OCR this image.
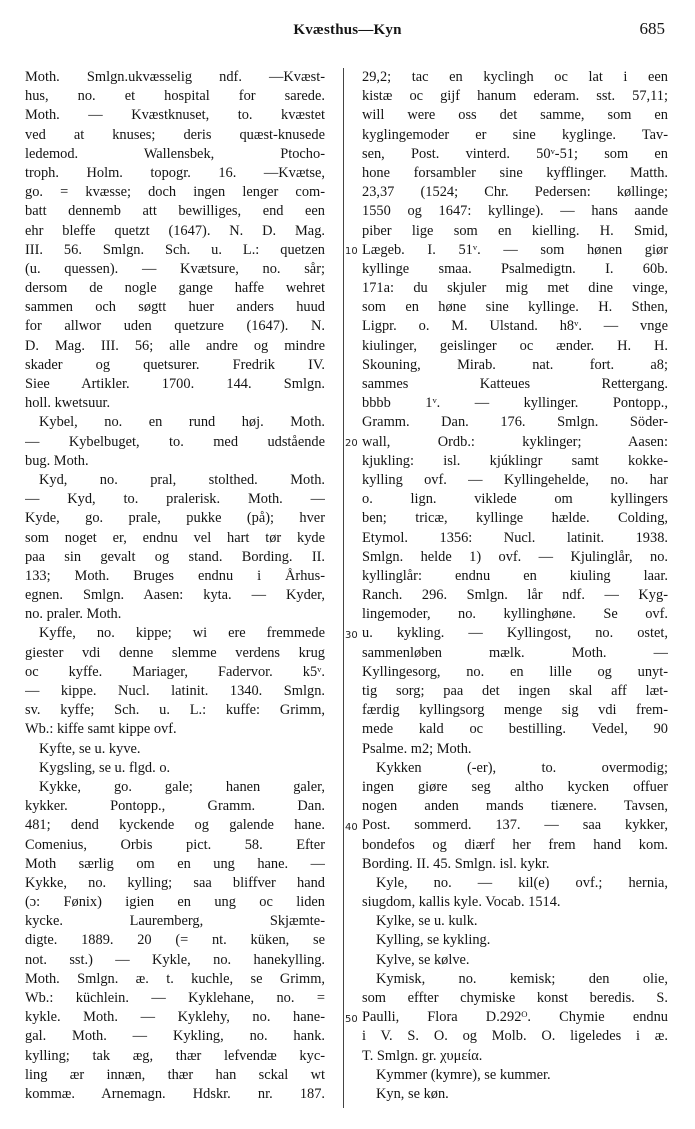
Kvæsthus—Kyn	685
Moth. Smlgn.ukvæsselig ndf. —Kvæst-
hus, no. et hospital for sarede.
Moth. — Kvæstknuset, to. kvæstet
ved at knuses; deris quæst-knusede
ledemod. Wallensbek, Ptocho-
troph. Holm. topogr. 16. —Kvætse,
go. = kvæsse; doch ingen lenger com-
batt dennemb att bewilliges, end een
ehr bleffe quetzt (1647). N. D. Mag.
III. 56. Smlgn. Sch. u. L.: quetzen
(u. quessen). — Kvætsure, no. sår;
dersom de nogle gange haffe wehret
sammen och søgtt huer anders huud
for allwor uden quetzure (1647). N.
D. Mag. III. 56; alle andre og mindre
skader og quetsurer. Fredrik IV.
Siee Artikler. 1700. 144. Smlgn.
holl. kwetsuur.
Kybel, no. en rund høj. Moth.
— Kybelbuget, to. med udstående
bug. Moth.
Kyd, no. pral, stolthed. Moth.
— Kyd, to. pralerisk. Moth. —
Kyde, go. prale, pukke (på); hver
som noget er, endnu vel hart tør kyde
paa sin gevalt og stand. Bording. II.
133; Moth. Bruges endnu i Århus-
egnen. Smlgn. Aasen: kyta. — Kyder,
no. praler. Moth.
Kyffe, no. kippe; wi ere fremmede
giester vdi denne slemme verdens krug
oc kyffe. Mariager, Fadervor. k5ᵛ.
— kippe. Nucl. latinit. 1340. Smlgn.
sv. kyffe; Sch. u. L.: kuffe: Grimm,
Wb.: kiffe samt kippe ovf.
Kyfte, se u. kyve.
Kygsling, se u. flgd. o.
Kykke, go. gale; hanen galer,
kykker. Pontopp., Gramm. Dan.
481; dend kyckende og galende hane.
Comenius, Orbis pict. 58. Efter
Moth særlig om en ung hane. —
Kykke, no. kylling; saa bliffver hand
(ɔ: Fønix) igien en ung oc liden
kycke. Lauremberg, Skjæmte-
digte. 1889. 20 (= nt. küken, se
not. sst.) — Kykle, no. hanekylling.
Moth. Smlgn. æ. t. kuchle, se Grimm,
Wb.: küchlein. — Kyklehane, no. =
kykle. Moth. — Kyklehy, no. hane-
gal. Moth. — Kykling, no. hank.
kylling; tak æg, thær lefvendæ kyc-
ling ær innæn, thær han sckal wt
kommæ. Arnemagn. Hdskr. nr. 187.
29,2; tac en kyclingh oc lat i een
kistæ oc gijf hanum ederam. sst. 57,11;
will were oss det samme, som en
kyglingemoder er sine kyglinge. Tav-
sen, Post. vinterd. 50ᵛ-51; som en
hone forsambler sine kyfflinger. Matth.
23,37 (1524; Chr. Pedersen: køllinge;
1550 og 1647: kyllinge). — hans aande
piber lige som en kielling. H. Smid,
Lægeb. I. 51ᵛ. — som hønen giør
kyllinge smaa. Psalmedigtn. I. 60b.
171a: du skjuler mig met dine vinge,
som en høne sine kyllinge. H. Sthen,
Ligpr. o. M. Ulstand. h8ᵛ. — vnge
kiulinger, geislinger oc ænder. H. H.
Skouning, Mirab. nat. fort. a8;
sammes Katteues Rettergang.
bbbb 1ᵛ. — kyllinger. Pontopp.,
Gramm. Dan. 176. Smlgn. Söder-
wall, Ordb.: kyklinger; Aasen:
kjukling: isl. kjúklingr samt kokke-
kylling ovf. — Kyllingehelde, no. har
o. lign. viklede om kyllingers
ben; tricæ, kyllinge hælde. Colding,
Etymol. 1356: Nucl. latinit. 1938.
Smlgn. helde 1) ovf. — Kjulinglår, no.
kyllinglår: endnu en kiuling laar.
Ranch. 296. Smlgn. lår ndf. — Kyg-
lingemoder, no. kyllinghøne. Se ovf.
u. kykling. — Kyllingost, no. ostet,
sammenløben mælk. Moth. —
Kyllingesorg, no. en lille og unyt-
tig sorg; paa det ingen skal aff læt-
færdig kyllingsorg menge sig vdi frem-
mede kald oc bestilling. Vedel, 90
Psalme. m2; Moth.
Kykken (-er), to. overmodig;
ingen giøre seg altho kycken offuer
nogen anden mands tiænere. Tavsen,
Post. sommerd. 137. — saa kykker,
bondefos og diærf her frem hand kom.
Bording. II. 45. Smlgn. isl. kykr.
Kyle, no. — kil(e) ovf.; hernia,
siugdom, kallis kyle. Vocab. 1514.
Kylke, se u. kulk.
Kylling, se kykling.
Kylve, se kølve.
Kymisk, no. kemisk; den olie,
som effter chymiske konst beredis. S.
Paulli, Flora D.292ᴼ. Chymie endnu
i V. S. O. og Molb. O. ligeledes i æ.
T. Smlgn. gr. χυμεία.
Kymmer (kymre), se kummer.
Kyn, se køn.
10
20
30
40
50
